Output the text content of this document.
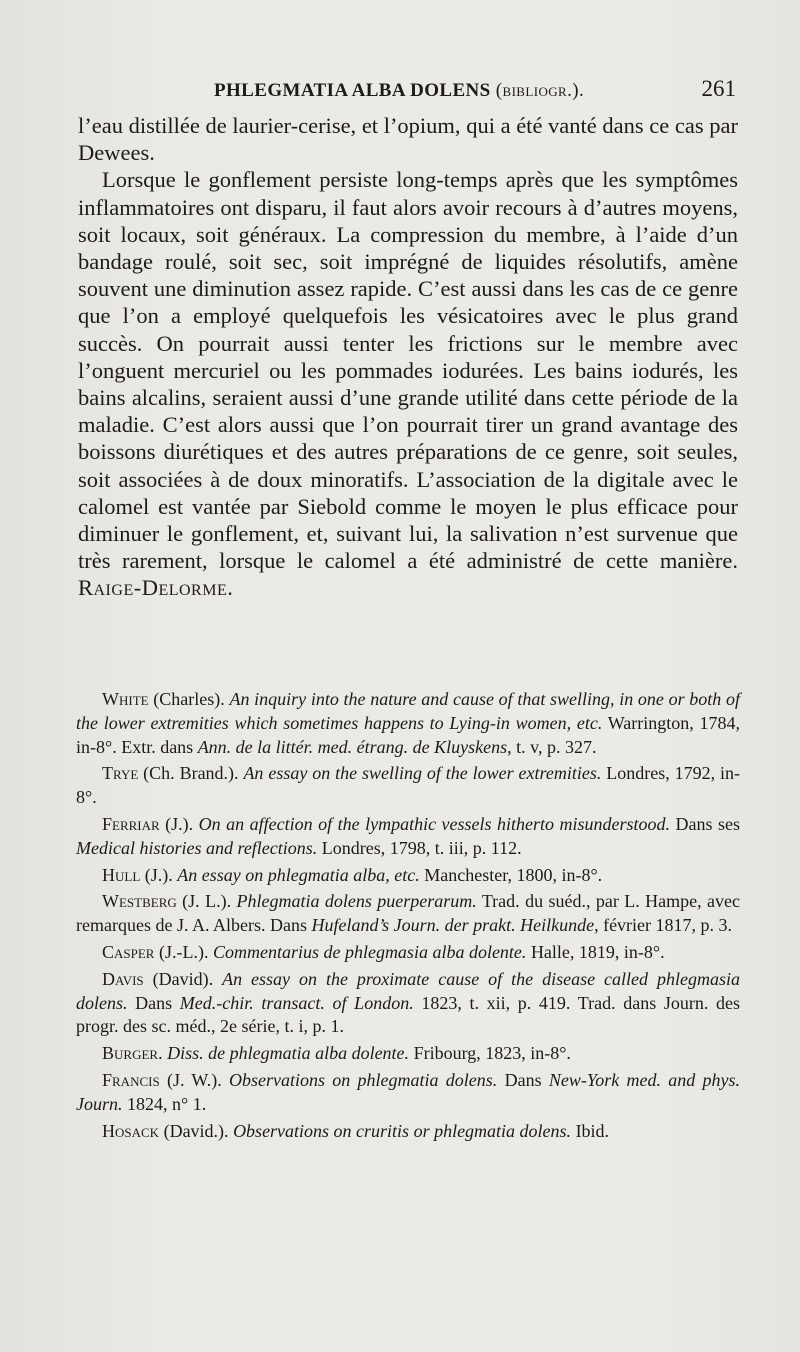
PHLEGMATIA ALBA DOLENS (bibliogr.).	261

l’eau distillée de laurier-cerise, et l’opium, qui a été vanté dans ce cas par Dewees.

Lorsque le gonflement persiste long-temps après que les symptômes inflammatoires ont disparu, il faut alors avoir recours à d’autres moyens, soit locaux, soit généraux. La compression du membre, à l’aide d’un bandage roulé, soit sec, soit imprégné de liquides résolutifs, amène souvent une diminution assez rapide. C’est aussi dans les cas de ce genre que l’on a employé quelquefois les vésicatoires avec le plus grand succès. On pourrait aussi tenter les frictions sur le membre avec l’onguent mercuriel ou les pommades iodurées. Les bains iodurés, les bains alcalins, seraient aussi d’une grande utilité dans cette période de la maladie. C’est alors aussi que l’on pourrait tirer un grand avantage des boissons diurétiques et des autres préparations de ce genre, soit seules, soit associées à de doux minoratifs. L’association de la digitale avec le calomel est vantée par Siebold comme le moyen le plus efficace pour diminuer le gonflement, et, suivant lui, la salivation n’est survenue que très rarement, lorsque le calomel a été administré de cette manière. Raige-Delorme.

White (Charles). An inquiry into the nature and cause of that swelling, in one or both of the lower extremities which sometimes happens to Lying-in women, etc. Warrington, 1784, in-8°. Extr. dans Ann. de la littér. med. étrang. de Kluyskens, t. v, p. 327.

Trye (Ch. Brand.). An essay on the swelling of the lower extremities. Londres, 1792, in-8°.

Ferriar (J.). On an affection of the lympathic vessels hitherto misunderstood. Dans ses Medical histories and reflections. Londres, 1798, t. iii, p. 112.

Hull (J.). An essay on phlegmatia alba, etc. Manchester, 1800, in-8°.

Westberg (J. L.). Phlegmatia dolens puerperarum. Trad. du suéd., par L. Hampe, avec remarques de J. A. Albers. Dans Hufeland’s Journ. der prakt. Heilkunde, février 1817, p. 3.

Casper (J.-L.). Commentarius de phlegmasia alba dolente. Halle, 1819, in-8°.

Davis (David). An essay on the proximate cause of the disease called phlegmasia dolens. Dans Med.-chir. transact. of London. 1823, t. xii, p. 419. Trad. dans Journ. des progr. des sc. méd., 2e série, t. i, p. 1.

Burger. Diss. de phlegmatia alba dolente. Fribourg, 1823, in-8°.

Francis (J. W.). Observations on phlegmatia dolens. Dans New-York med. and phys. Journ. 1824, n° 1.

Hosack (David.). Observations on cruritis or phlegmatia dolens. Ibid.
